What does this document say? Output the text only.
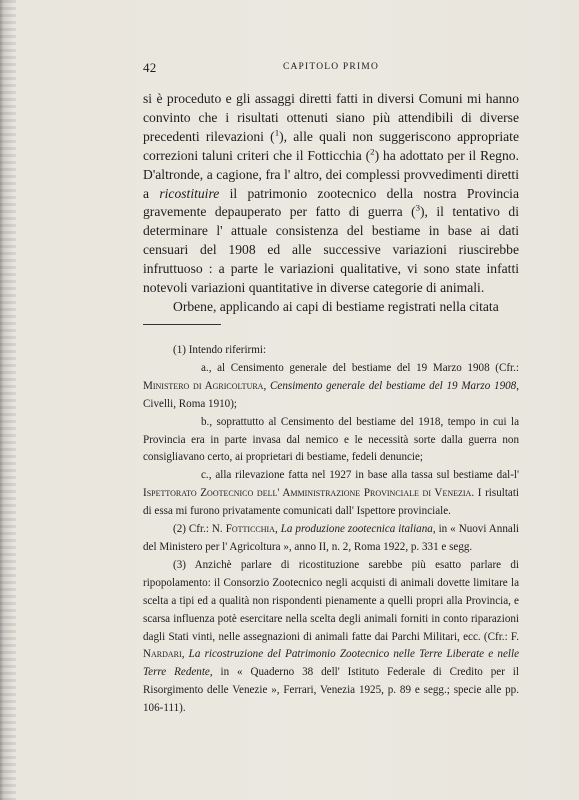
42	CAPITOLO PRIMO

si è proceduto e gli assaggi diretti fatti in diversi Comuni mi hanno convinto che i risultati ottenuti siano più attendibili di diverse precedenti rilevazioni ($^1$), alle quali non suggeriscono appropriate correzioni taluni criteri che il Fotticchia ($^2$) ha adottato per il Regno. D'altronde, a cagione, fra l' altro, dei complessi provvedimenti diretti a ricostituire il patrimonio zootecnico della nostra Provincia gravemente depauperato per fatto di guerra ($^3$), il tentativo di determinare l' attuale consistenza del bestiame in base ai dati censuari del 1908 ed alle successive variazioni riuscirebbe infruttuoso : a parte le variazioni qualitative, vi sono state infatti notevoli variazioni quantitative in diverse categorie di animali.

Orbene, applicando ai capi di bestiame registrati nella citata

(1) Intendo riferirmi:

a., al Censimento generale del bestiame del 19 Marzo 1908 (Cfr.: Ministero di Agricoltura, Censimento generale del bestiame del 19 Marzo 1908, Civelli, Roma 1910);

b., soprattutto al Censimento del bestiame del 1918, tempo in cui la Provincia era in parte invasa dal nemico e le necessità sorte dalla guerra non consigliavano certo, ai proprietari di bestiame, fedeli denuncie;

c., alla rilevazione fatta nel 1927 in base alla tassa sul bestiame dal-l' Ispettorato Zootecnico dell' Amministrazione Provinciale di Venezia. I risultati di essa mi furono privatamente comunicati dall' Ispettore provinciale.

(2) Cfr.: N. Fotticchia, La produzione zootecnica italiana, in « Nuovi Annali del Ministero per l' Agricoltura », anno II, n. 2, Roma 1922, p. 331 e segg.

(3) Anzichè parlare di ricostituzione sarebbe più esatto parlare di ripopolamento: il Consorzio Zootecnico negli acquisti di animali dovette limitare la scelta a tipi ed a qualità non rispondenti pienamente a quelli propri alla Provincia, e scarsa influenza potè esercitare nella scelta degli animali forniti in conto riparazioni dagli Stati vinti, nelle assegnazioni di animali fatte dai Parchi Militari, ecc. (Cfr.: F. Nardari, La ricostruzione del Patrimonio Zootecnico nelle Terre Liberate e nelle Terre Redente, in « Quaderno 38 dell' Istituto Federale di Credito per il Risorgimento delle Venezie », Ferrari, Venezia 1925, p. 89 e segg.; specie alle pp. 106-111).
